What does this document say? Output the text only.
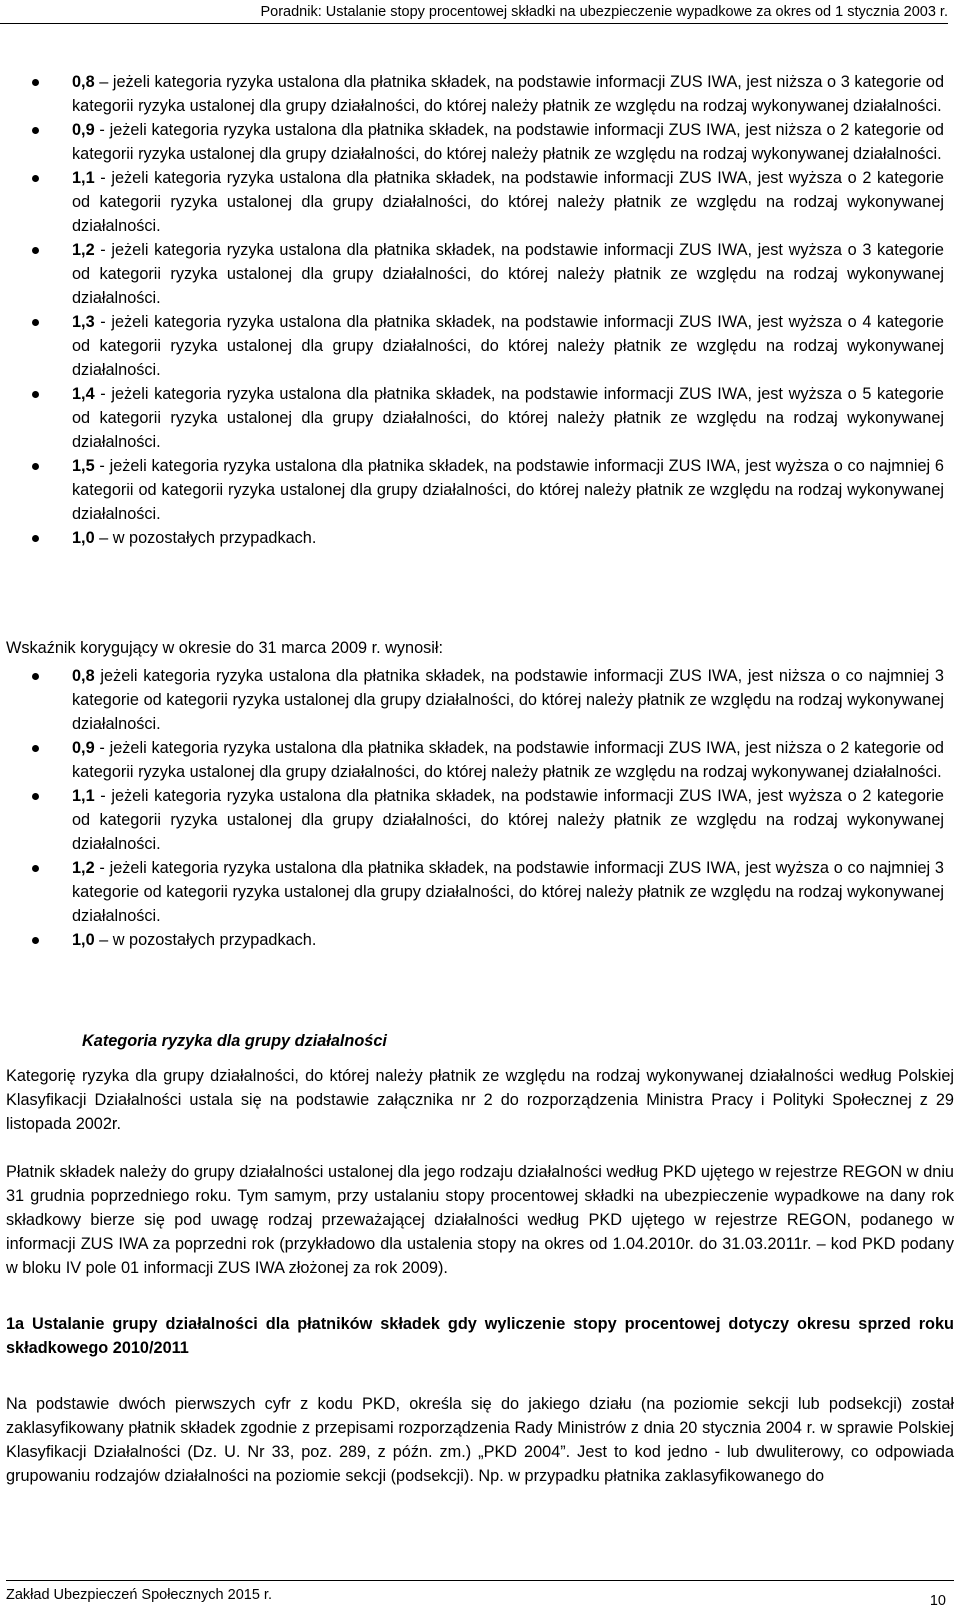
Poradnik: Ustalanie stopy procentowej składki na ubezpieczenie wypadkowe za okres od 1 stycznia 2003 r.
0,8 – jeżeli kategoria ryzyka ustalona dla płatnika składek, na podstawie informacji ZUS IWA, jest niższa o 3 kategorie od kategorii ryzyka ustalonej dla grupy działalności, do której należy płatnik ze względu na rodzaj wykonywanej działalności.
0,9 - jeżeli kategoria ryzyka ustalona dla płatnika składek, na podstawie informacji ZUS IWA, jest niższa o 2 kategorie od kategorii ryzyka ustalonej dla grupy działalności, do której należy płatnik ze względu na rodzaj wykonywanej działalności.
1,1 - jeżeli kategoria ryzyka ustalona dla płatnika składek, na podstawie informacji ZUS IWA, jest wyższa o 2 kategorie od kategorii ryzyka ustalonej dla grupy działalności, do której należy płatnik ze względu na rodzaj wykonywanej działalności.
1,2 - jeżeli kategoria ryzyka ustalona dla płatnika składek, na podstawie informacji ZUS IWA, jest wyższa o 3 kategorie od kategorii ryzyka ustalonej dla grupy działalności, do której należy płatnik ze względu na rodzaj wykonywanej działalności.
1,3 - jeżeli kategoria ryzyka ustalona dla płatnika składek, na podstawie informacji ZUS IWA, jest wyższa o 4 kategorie od kategorii ryzyka ustalonej dla grupy działalności, do której należy płatnik ze względu na rodzaj wykonywanej działalności.
1,4 - jeżeli kategoria ryzyka ustalona dla płatnika składek, na podstawie informacji ZUS IWA, jest wyższa o 5 kategorie od kategorii ryzyka ustalonej dla grupy działalności, do której należy płatnik ze względu na rodzaj wykonywanej działalności.
1,5 - jeżeli kategoria ryzyka ustalona dla płatnika składek, na podstawie informacji ZUS IWA, jest wyższa o co najmniej 6 kategorii od kategorii ryzyka ustalonej dla grupy działalności, do której należy płatnik ze względu na rodzaj wykonywanej działalności.
1,0 – w pozostałych przypadkach.
Wskaźnik korygujący w okresie do 31 marca 2009 r. wynosił:
0,8 jeżeli kategoria ryzyka ustalona dla płatnika składek, na podstawie informacji ZUS IWA, jest niższa o co najmniej 3 kategorie od kategorii ryzyka ustalonej dla grupy działalności, do której należy płatnik ze względu na rodzaj wykonywanej działalności.
0,9 - jeżeli kategoria ryzyka ustalona dla płatnika składek, na podstawie informacji ZUS IWA, jest niższa o 2 kategorie od kategorii ryzyka ustalonej dla grupy działalności, do której należy płatnik ze względu na rodzaj wykonywanej działalności.
1,1 - jeżeli kategoria ryzyka ustalona dla płatnika składek, na podstawie informacji ZUS IWA, jest wyższa o 2 kategorie od kategorii ryzyka ustalonej dla grupy działalności, do której należy płatnik ze względu na rodzaj wykonywanej działalności.
1,2 - jeżeli kategoria ryzyka ustalona dla płatnika składek, na podstawie informacji ZUS IWA, jest wyższa o co najmniej 3 kategorie od kategorii ryzyka ustalonej dla grupy działalności, do której należy płatnik ze względu na rodzaj wykonywanej działalności.
1,0 – w pozostałych przypadkach.
Kategoria ryzyka dla grupy działalności
Kategorię ryzyka dla grupy działalności, do której należy płatnik ze względu na rodzaj wykonywanej działalności według Polskiej Klasyfikacji Działalności ustala się na podstawie załącznika nr 2 do rozporządzenia Ministra Pracy i Polityki Społecznej z 29 listopada 2002r.
Płatnik składek należy do grupy działalności ustalonej dla jego rodzaju działalności według PKD ujętego w rejestrze REGON w dniu 31 grudnia poprzedniego roku. Tym samym, przy ustalaniu stopy procentowej składki na ubezpieczenie wypadkowe na dany rok składkowy bierze się pod uwagę rodzaj przeważającej działalności według PKD ujętego w rejestrze REGON, podanego w informacji ZUS IWA za poprzedni rok (przykładowo dla ustalenia stopy na okres od 1.04.2010r. do 31.03.2011r. – kod PKD podany w bloku IV pole 01 informacji ZUS IWA złożonej za rok 2009).
1a Ustalanie grupy działalności dla płatników składek gdy wyliczenie stopy procentowej dotyczy okresu sprzed roku składkowego 2010/2011
Na podstawie dwóch pierwszych cyfr z kodu PKD, określa się do jakiego działu (na poziomie sekcji lub podsekcji) został zaklasyfikowany płatnik składek zgodnie z przepisami rozporządzenia Rady Ministrów z dnia 20 stycznia 2004 r. w sprawie Polskiej Klasyfikacji Działalności (Dz. U. Nr 33, poz. 289, z późn. zm.) „PKD 2004”. Jest to kod jedno - lub dwuliterowy, co odpowiada grupowaniu rodzajów działalności na poziomie sekcji (podsekcji). Np. w przypadku płatnika zaklasyfikowanego do
Zakład Ubezpieczeń Społecznych 2015 r.	10
